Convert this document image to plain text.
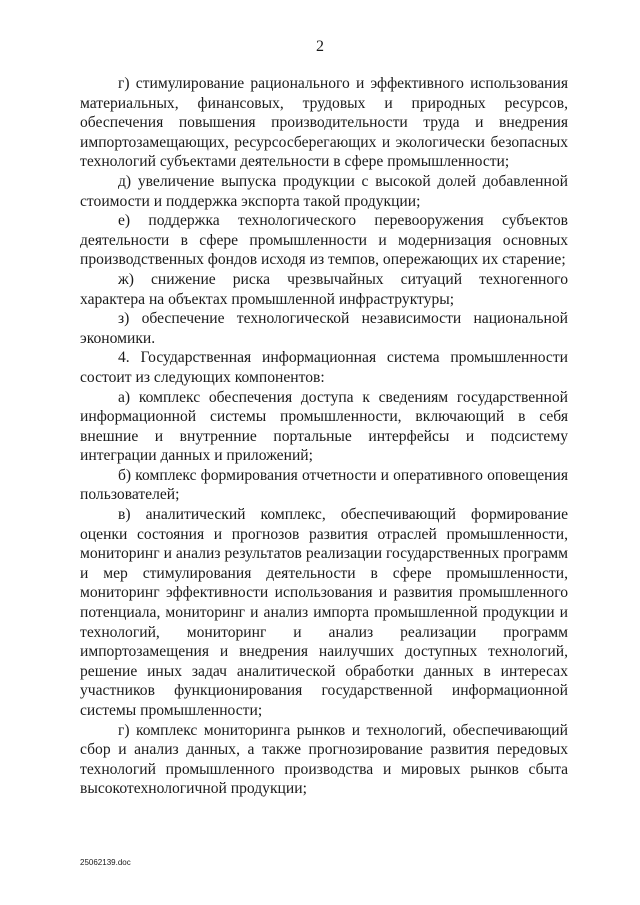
2

г) стимулирование рационального и эффективного использования материальных, финансовых, трудовых и природных ресурсов, обеспечения повышения производительности труда и внедрения импортозамещающих, ресурсосберегающих и экологически безопасных технологий субъектами деятельности в сфере промышленности;

д) увеличение выпуска продукции с высокой долей добавленной стоимости и поддержка экспорта такой продукции;

е) поддержка технологического перевооружения субъектов деятельности в сфере промышленности и модернизация основных производственных фондов исходя из темпов, опережающих их старение;

ж) снижение риска чрезвычайных ситуаций техногенного характера на объектах промышленной инфраструктуры;

з) обеспечение технологической независимости национальной экономики.

4. Государственная информационная система промышленности состоит из следующих компонентов:

а) комплекс обеспечения доступа к сведениям государственной информационной системы промышленности, включающий в себя внешние и внутренние портальные интерфейсы и подсистему интеграции данных и приложений;

б) комплекс формирования отчетности и оперативного оповещения пользователей;

в) аналитический комплекс, обеспечивающий формирование оценки состояния и прогнозов развития отраслей промышленности, мониторинг и анализ результатов реализации государственных программ и мер стимулирования деятельности в сфере промышленности, мониторинг эффективности использования и развития промышленного потенциала, мониторинг и анализ импорта промышленной продукции и технологий, мониторинг и анализ реализации программ импортозамещения и внедрения наилучших доступных технологий, решение иных задач аналитической обработки данных в интересах участников функционирования государственной информационной системы промышленности;

г) комплекс мониторинга рынков и технологий, обеспечивающий сбор и анализ данных, а также прогнозирование развития передовых технологий промышленного производства и мировых рынков сбыта высокотехнологичной продукции;

25062139.doc
